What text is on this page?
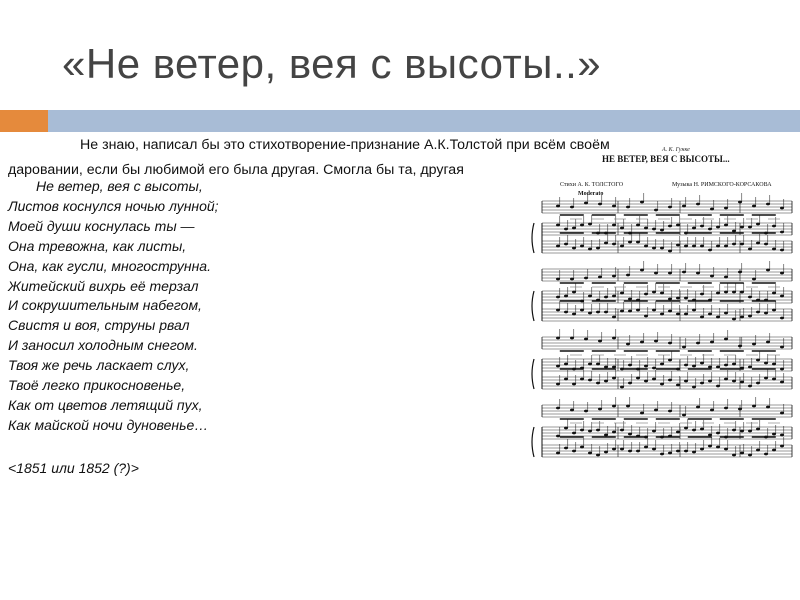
«Не ветер, вея с высоты..»
А. К. Гунке
НЕ ВЕТЕР, ВЕЯ С ВЫСОТЫ...
Стихи А. К. ТОЛСТОГО	Музыка Н. РИМСКОГО-КОРСАКОВА
Moderato
Не знаю, написал бы это стихотворение-признание А.К.Толстой при всём своём
даровании, если бы любимой его была другая. Смогла бы та, другая
Не ветер, вея с высоты,
Листов коснулся ночью лунной;
Моей души коснулась ты —
Она тревожна, как листы,
Она, как гусли, многострунна.
Житейский вихрь её терзал
И сокрушительным набегом,
Свистя и воя, струны рвал
И заносил холодным снегом.
Твоя же речь ласкает слух,
Твоё легко прикосновенье,
Как от цветов летящий пух,
Как майской ночи дуновенье…
<1851 или 1852 (?)>
